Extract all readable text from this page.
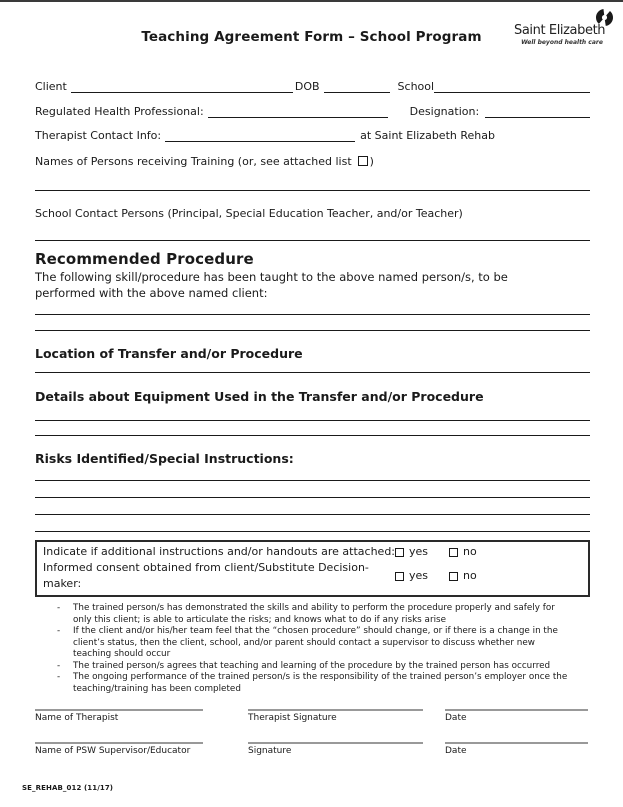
Teaching Agreement Form – School Program	Saint Elizabeth
Well beyond health care
Client	DOB	School
Regulated Health Professional:	Designation:
Therapist Contact Info:	at Saint Elizabeth Rehab
Names of Persons receiving Training (or, see attached list )
School Contact Persons (Principal, Special Education Teacher, and/or Teacher)
Recommended Procedure
The following skill/procedure has been taught to the above named person/s, to be performed with the above named client:
Location of Transfer and/or Procedure
Details about Equipment Used in the Transfer and/or Procedure
Risks Identified/Special Instructions:
Indicate if additional instructions and/or handouts are attached: yes	no
Informed consent obtained from client/Substitute Decision-maker:
yes	no
- The trained person/s has demonstrated the skills and ability to perform the procedure properly and safely for only this client; is able to articulate the risks; and knows what to do if any risks arise
- If the client and/or his/her team feel that the “chosen procedure” should change, or if there is a change in the client’s status, then the client, school, and/or parent should contact a supervisor to discuss whether new teaching should occur
- The trained person/s agrees that teaching and learning of the procedure by the trained person has occurred
- The ongoing performance of the trained person/s is the responsibility of the trained person’s employer once the teaching/training has been completed
Name of Therapist	Therapist Signature	Date
Name of PSW Supervisor/Educator	Signature	Date
SE_REHAB_012 (11/17)
